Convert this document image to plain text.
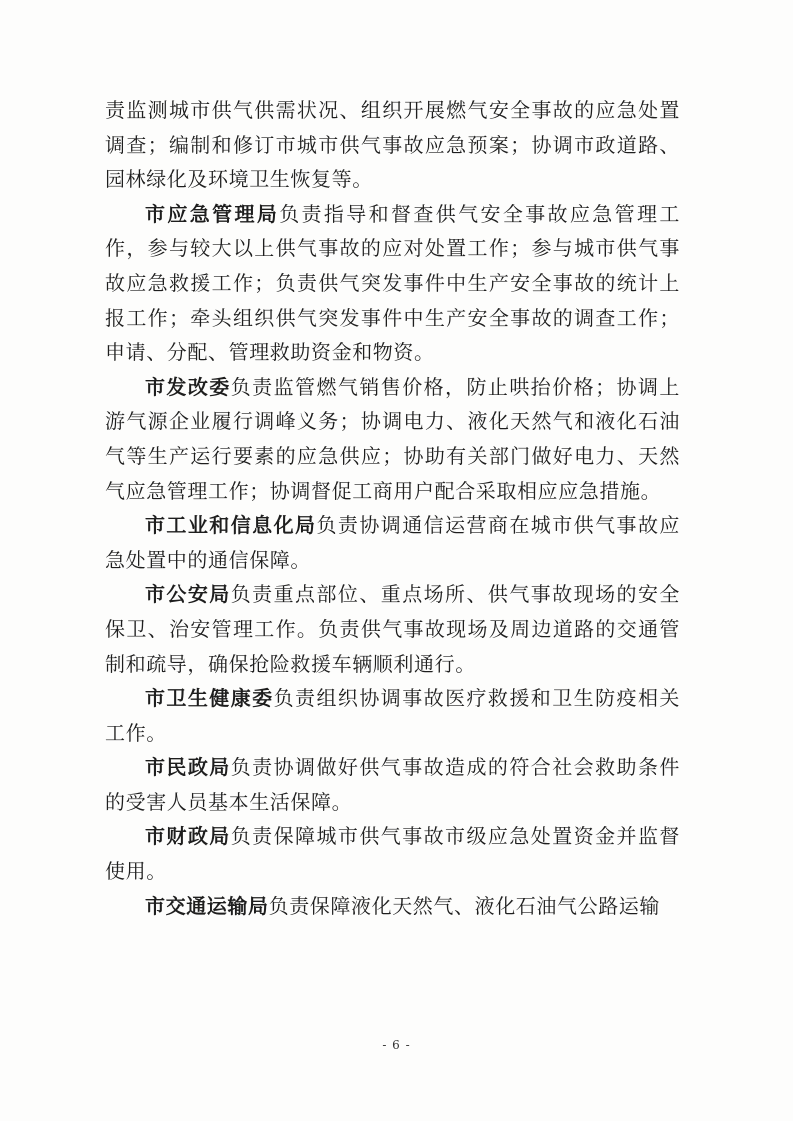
责监测城市供气供需状况、组织开展燃气安全事故的应急处置调查；编制和修订市城市供气事故应急预案；协调市政道路、园林绿化及环境卫生恢复等。

市应急管理局负责指导和督查供气安全事故应急管理工作，参与较大以上供气事故的应对处置工作；参与城市供气事故应急救援工作；负责供气突发事件中生产安全事故的统计上报工作；牵头组织供气突发事件中生产安全事故的调查工作；申请、分配、管理救助资金和物资。

市发改委负责监管燃气销售价格，防止哄抬价格；协调上游气源企业履行调峰义务；协调电力、液化天然气和液化石油气等生产运行要素的应急供应；协助有关部门做好电力、天然气应急管理工作；协调督促工商用户配合采取相应应急措施。

市工业和信息化局负责协调通信运营商在城市供气事故应急处置中的通信保障。

市公安局负责重点部位、重点场所、供气事故现场的安全保卫、治安管理工作。负责供气事故现场及周边道路的交通管制和疏导，确保抢险救援车辆顺利通行。

市卫生健康委负责组织协调事故医疗救援和卫生防疫相关工作。

市民政局负责协调做好供气事故造成的符合社会救助条件的受害人员基本生活保障。

市财政局负责保障城市供气事故市级应急处置资金并监督使用。

市交通运输局负责保障液化天然气、液化石油气公路运输

- 6 -
